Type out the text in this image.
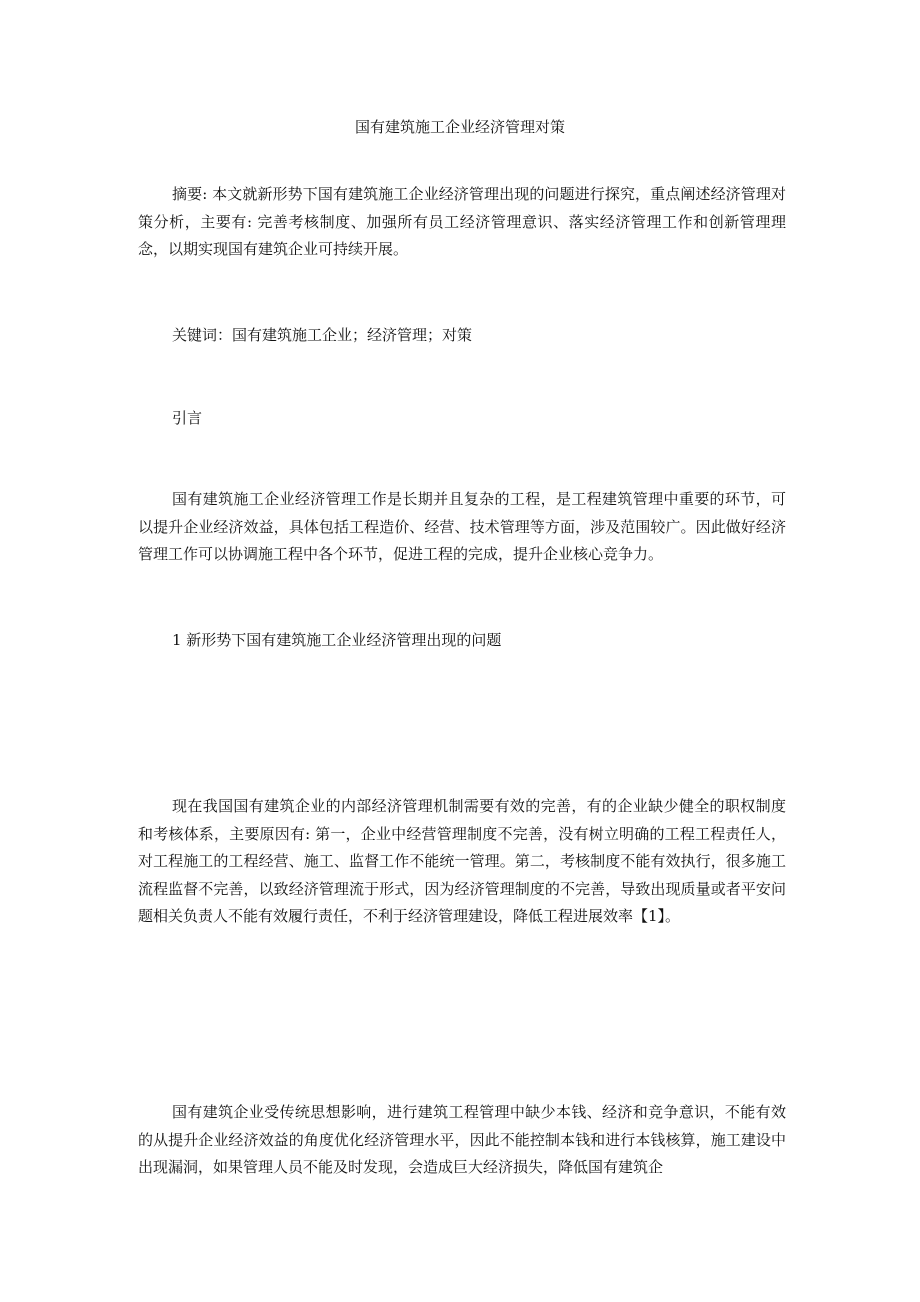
国有建筑施工企业经济管理对策

摘要: 本文就新形势下国有建筑施工企业经济管理出现的问题进行探究，重点阐述经济管理对策分析，主要有: 完善考核制度、加强所有员工经济管理意识、落实经济管理工作和创新管理理念，以期实现国有建筑企业可持续开展。

关键词：国有建筑施工企业；经济管理；对策

引言

国有建筑施工企业经济管理工作是长期并且复杂的工程，是工程建筑管理中重要的环节，可以提升企业经济效益，具体包括工程造价、经营、技术管理等方面，涉及范围较广。因此做好经济管理工作可以协调施工程中各个环节，促进工程的完成，提升企业核心竞争力。

1 新形势下国有建筑施工企业经济管理出现的问题

现在我国国有建筑企业的内部经济管理机制需要有效的完善，有的企业缺少健全的职权制度和考核体系，主要原因有: 第一，企业中经营管理制度不完善，没有树立明确的工程工程责任人，对工程施工的工程经营、施工、监督工作不能统一管理。第二，考核制度不能有效执行，很多施工流程监督不完善，以致经济管理流于形式，因为经济管理制度的不完善，导致出现质量或者平安问题相关负责人不能有效履行责任，不利于经济管理建设，降低工程进展效率【1】。

国有建筑企业受传统思想影响，进行建筑工程管理中缺少本钱、经济和竞争意识，不能有效的从提升企业经济效益的角度优化经济管理水平，因此不能控制本钱和进行本钱核算，施工建设中出现漏洞，如果管理人员不能及时发现，会造成巨大经济损失，降低国有建筑企
